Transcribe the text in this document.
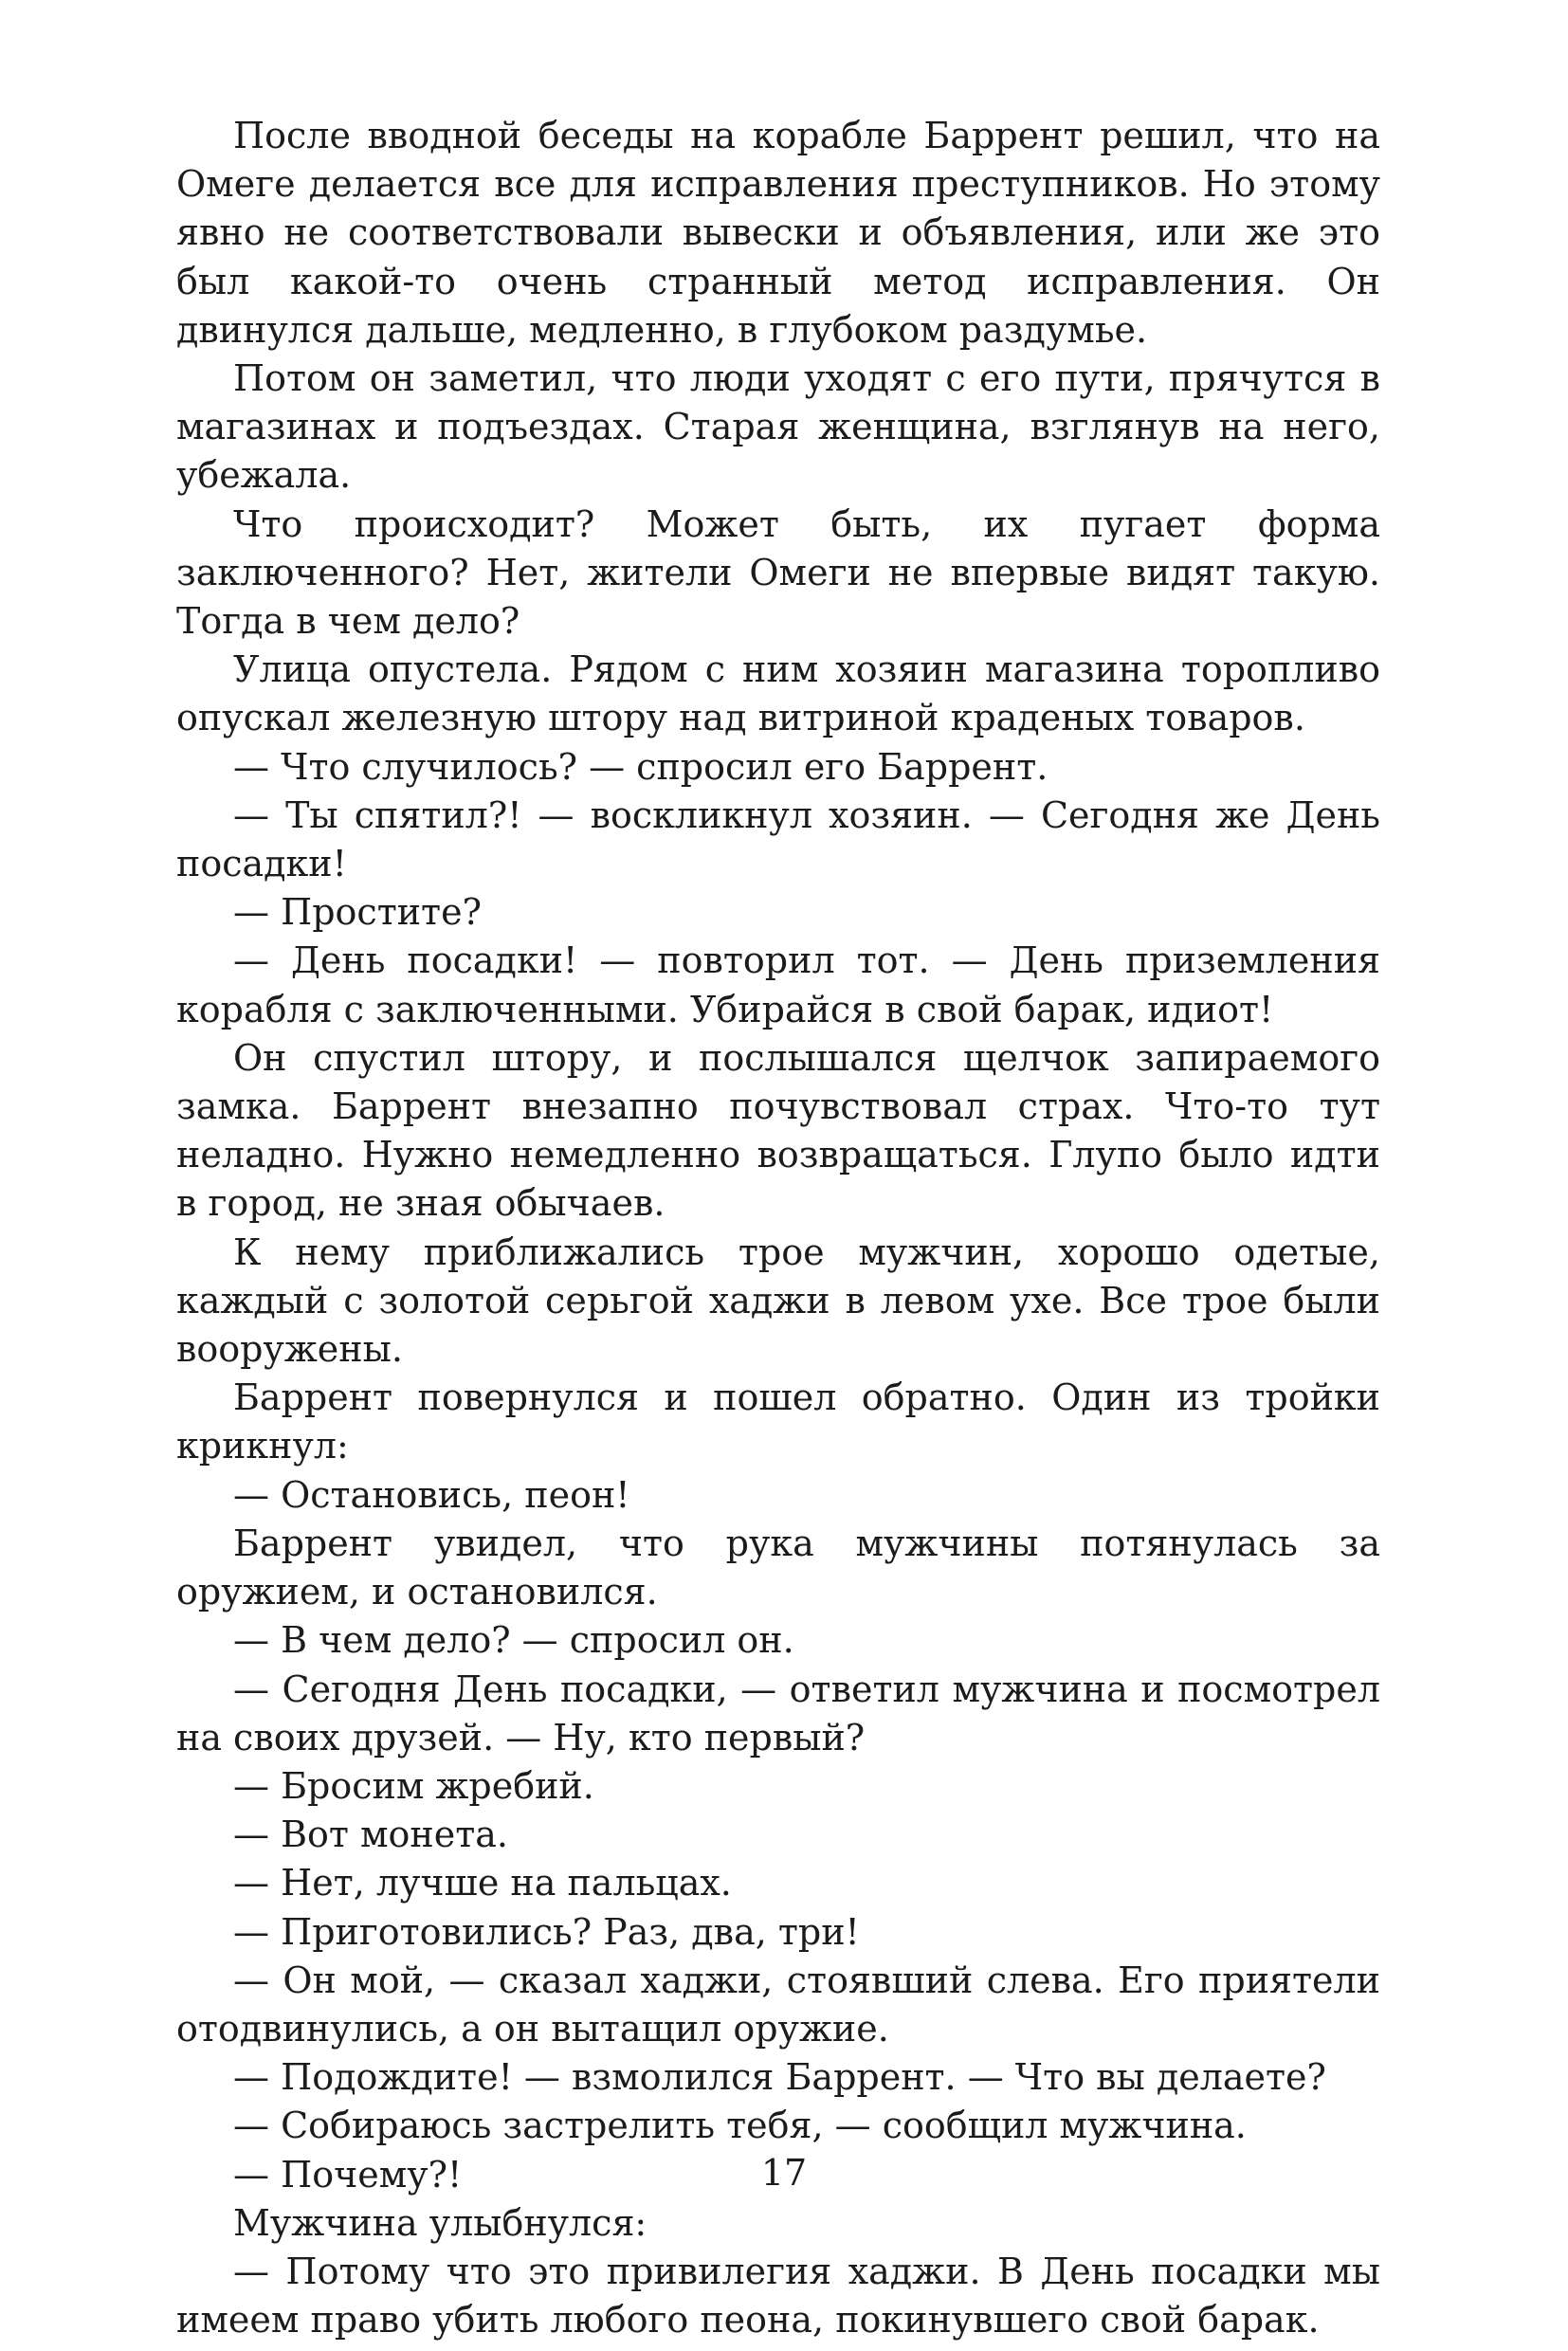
После вводной беседы на корабле Баррент решил, что на Омеге делается все для исправления преступников. Но этому явно не соответствовали вывески и объявления, или же это был какой-то очень странный метод исправления. Он двинулся дальше, медленно, в глубоком раздумье.

Потом он заметил, что люди уходят с его пути, прячутся в магазинах и подъездах. Старая женщина, взглянув на него, убежала.

Что происходит? Может быть, их пугает форма заключенного? Нет, жители Омеги не впервые видят такую. Тогда в чем дело?

Улица опустела. Рядом с ним хозяин магазина торопливо опускал железную штору над витриной краденых товаров.

— Что случилось? — спросил его Баррент.

— Ты спятил?! — воскликнул хозяин. — Сегодня же День посадки!

— Простите?

— День посадки! — повторил тот. — День приземления корабля с заключенными. Убирайся в свой барак, идиот!

Он спустил штору, и послышался щелчок запираемого замка. Баррент внезапно почувствовал страх. Что-то тут неладно. Нужно немедленно возвращаться. Глупо было идти в город, не зная обычаев.

К нему приближались трое мужчин, хорошо одетые, каждый с золотой серьгой хаджи в левом ухе. Все трое были вооружены.

Баррент повернулся и пошел обратно. Один из тройки крикнул:

— Остановись, пеон!

Баррент увидел, что рука мужчины потянулась за оружием, и остановился.

— В чем дело? — спросил он.

— Сегодня День посадки, — ответил мужчина и посмотрел на своих друзей. — Ну, кто первый?

— Бросим жребий.

— Вот монета.

— Нет, лучше на пальцах.

— Приготовились? Раз, два, три!

— Он мой, — сказал хаджи, стоявший слева. Его приятели отодвинулись, а он вытащил оружие.

— Подождите! — взмолился Баррент. — Что вы делаете?

— Собираюсь застрелить тебя, — сообщил мужчина.

— Почему?!

Мужчина улыбнулся:

— Потому что это привилегия хаджи. В День посадки мы имеем право убить любого пеона, покинувшего свой барак.

17
